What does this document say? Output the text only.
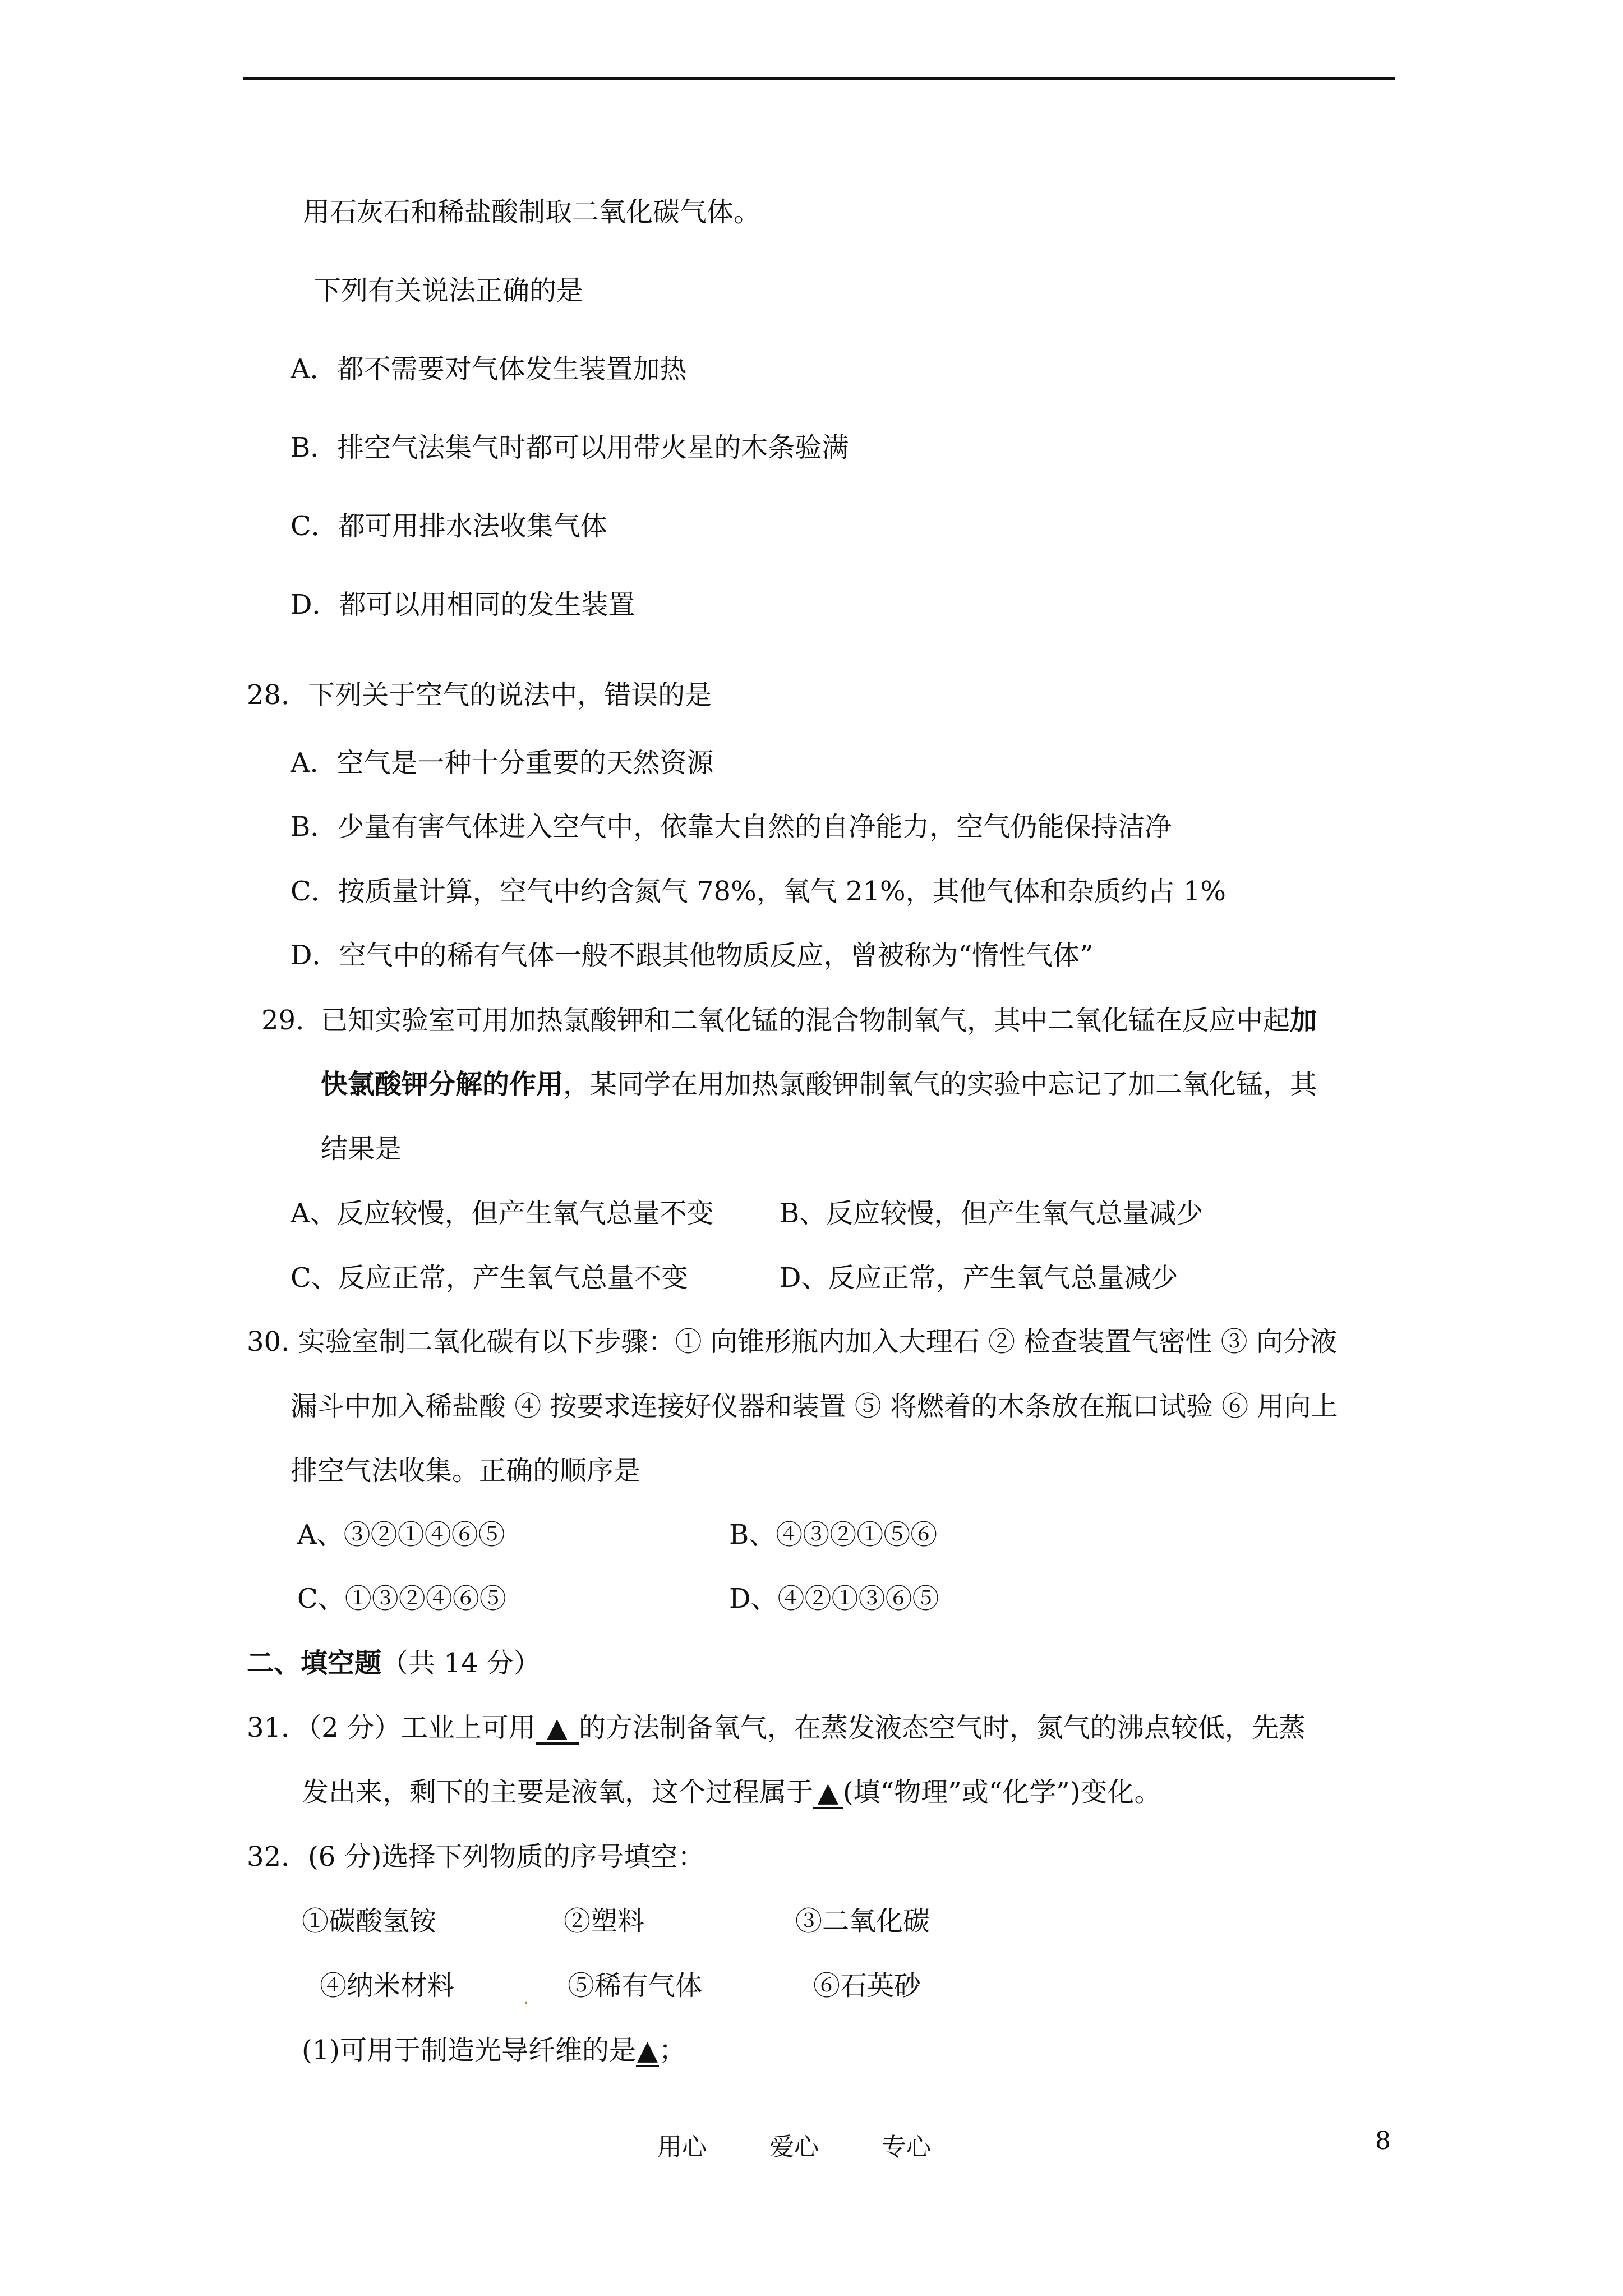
用石灰石和稀盐酸制取二氧化碳气体。
下列有关说法正确的是
A．都不需要对气体发生装置加热
B．排空气法集气时都可以用带火星的木条验满
C．都可用排水法收集气体
D．都可以用相同的发生装置
28．下列关于空气的说法中，错误的是
A．空气是一种十分重要的天然资源
B．少量有害气体进入空气中，依靠大自然的自净能力，空气仍能保持洁净
C．按质量计算，空气中约含氮气 78%，氧气 21%，其他气体和杂质约占 1%
D．空气中的稀有气体一般不跟其他物质反应，曾被称为“惰性气体”
29. 已知实验室可用加热氯酸钾和二氧化锰的混合物制氧气，其中二氧化锰在反应中起加
快氯酸钾分解的作用，某同学在用加热氯酸钾制氧气的实验中忘记了加二氧化锰，其
结果是
A、反应较慢，但产生氧气总量不变 B、反应较慢，但产生氧气总量减少
C、反应正常，产生氧气总量不变	D、反应正常，产生氧气总量减少
30. 实验室制二氧化碳有以下步骤：① 向锥形瓶内加入大理石 ② 检查装置气密性 ③ 向分液
漏斗中加入稀盐酸 ④ 按要求连接好仪器和装置 ⑤ 将燃着的木条放在瓶口试验 ⑥ 用向上
排空气法收集。正确的顺序是
A、③②①④⑥⑤	B、④③②①⑤⑥
C、①③②④⑥⑤	D、④②①③⑥⑤
二、填空题（共 14 分）
31．（2 分）工业上可用 ▲ 的方法制备氧气，在蒸发液态空气时，氮气的沸点较低，先蒸
发出来，剩下的主要是液氧，这个过程属于 ▲ (填“物理”或“化学”)变化。
32．(6 分)选择下列物质的序号填空：
①碳酸氢铵	②塑料	③二氧化碳
④纳米材料	. ⑤稀有气体	⑥石英砂
(1)可用于制造光导纤维的是▲；
用心	爱心	专心	8
